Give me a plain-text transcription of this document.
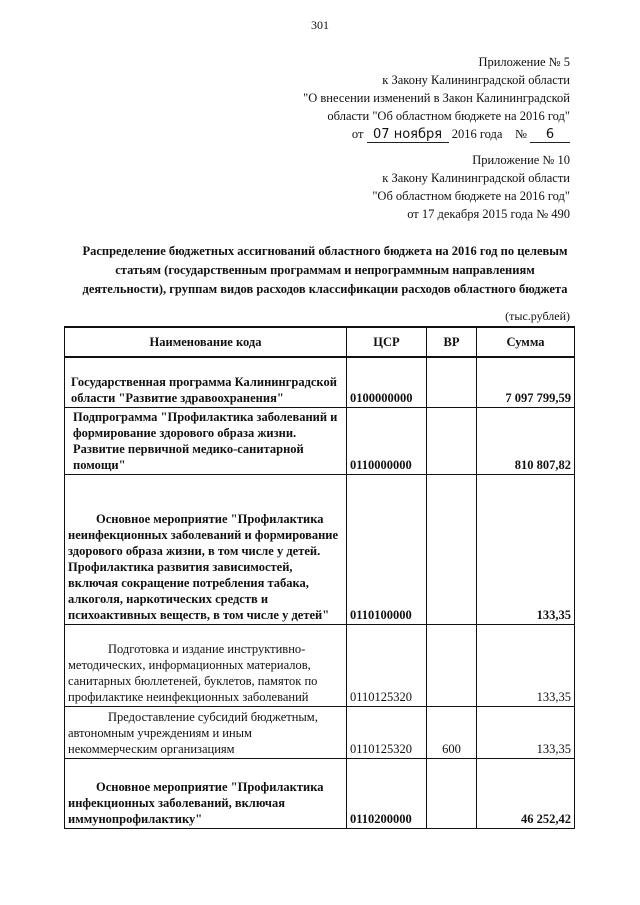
301
Приложение № 5
к Закону Калининградской области
"О внесении изменений в Закон Калининградской
области "Об областном бюджете на 2016 год"
от 07 ноября 2016 года № 6
Приложение № 10
к Закону Калининградской области
"Об областном бюджете на 2016 год"
от 17 декабря 2015 года № 490
Распределение бюджетных ассигнований областного бюджета на 2016 год по целевым статьям (государственным программам и непрограммным направлениям деятельности), группам видов расходов классификации расходов областного бюджета
(тыс.рублей)
Наименование кода	ЦСР	ВР	Сумма
Государственная программа Калининградской области "Развитие здравоохранения"	0100000000		7 097 799,59
Подпрограмма "Профилактика заболеваний и формирование здорового образа жизни. Развитие первичной медико-санитарной помощи"	0110000000		810 807,82
Основное мероприятие "Профилактика неинфекционных заболеваний и формирование здорового образа жизни, в том числе у детей. Профилактика развития зависимостей, включая сокращение потребления табака, алкоголя, наркотических средств и психоактивных веществ, в том числе у детей"	0110100000		133,35
Подготовка и издание инструктивно-методических, информационных материалов, санитарных бюллетеней, буклетов, памяток по профилактике неинфекционных заболеваний	0110125320		133,35
Предоставление субсидий бюджетным, автономным учреждениям и иным некоммерческим организациям	0110125320	600	133,35
Основное мероприятие "Профилактика инфекционных заболеваний, включая иммунопрофилактику"	0110200000		46 252,42
